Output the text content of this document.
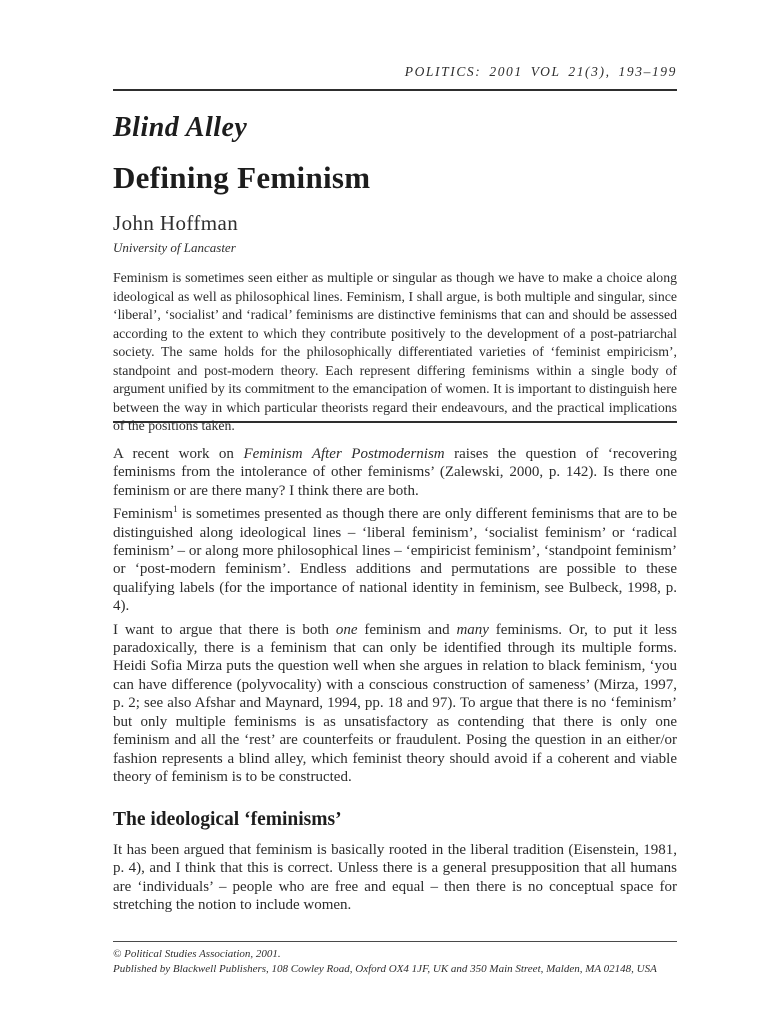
POLITICS: 2001 VOL 21(3), 193–199
Blind Alley
Defining Feminism
John Hoffman
University of Lancaster
Feminism is sometimes seen either as multiple or singular as though we have to make a choice along ideological as well as philosophical lines. Feminism, I shall argue, is both multiple and singular, since ‘liberal’, ‘socialist’ and ‘radical’ feminisms are distinctive feminisms that can and should be assessed according to the extent to which they contribute positively to the development of a post-patriarchal society. The same holds for the philosophically differentiated varieties of ‘feminist empiricism’, standpoint and post-modern theory. Each represent differing feminisms within a single body of argument unified by its commitment to the emancipation of women. It is important to distinguish here between the way in which particular theorists regard their endeavours, and the practical implications of the positions taken.

A recent work on Feminism After Postmodernism raises the question of ‘recovering feminisms from the intolerance of other feminisms’ (Zalewski, 2000, p. 142). Is there one feminism or are there many? I think there are both.

Feminism$^1$ is sometimes presented as though there are only different feminisms that are to be distinguished along ideological lines – ‘liberal feminism’, ‘socialist feminism’ or ‘radical feminism’ – or along more philosophical lines – ‘empiricist feminism’, ‘standpoint feminism’ or ‘post-modern feminism’. Endless additions and permutations are possible to these qualifying labels (for the importance of national identity in feminism, see Bulbeck, 1998, p. 4).

I want to argue that there is both one feminism and many feminisms. Or, to put it less paradoxically, there is a feminism that can only be identified through its multiple forms. Heidi Sofia Mirza puts the question well when she argues in relation to black feminism, ‘you can have difference (polyvocality) with a conscious construction of sameness’ (Mirza, 1997, p. 2; see also Afshar and Maynard, 1994, pp. 18 and 97). To argue that there is no ‘feminism’ but only multiple feminisms is as unsatisfactory as contending that there is only one feminism and all the ‘rest’ are counterfeits or fraudulent. Posing the question in an either/or fashion represents a blind alley, which feminist theory should avoid if a coherent and viable theory of feminism is to be constructed.

The ideological ‘feminisms’

It has been argued that feminism is basically rooted in the liberal tradition (Eisenstein, 1981, p. 4), and I think that this is correct. Unless there is a general presupposition that all humans are ‘individuals’ – people who are free and equal – then there is no conceptual space for stretching the notion to include women.

© Political Studies Association, 2001.
Published by Blackwell Publishers, 108 Cowley Road, Oxford OX4 1JF, UK and 350 Main Street, Malden, MA 02148, USA
